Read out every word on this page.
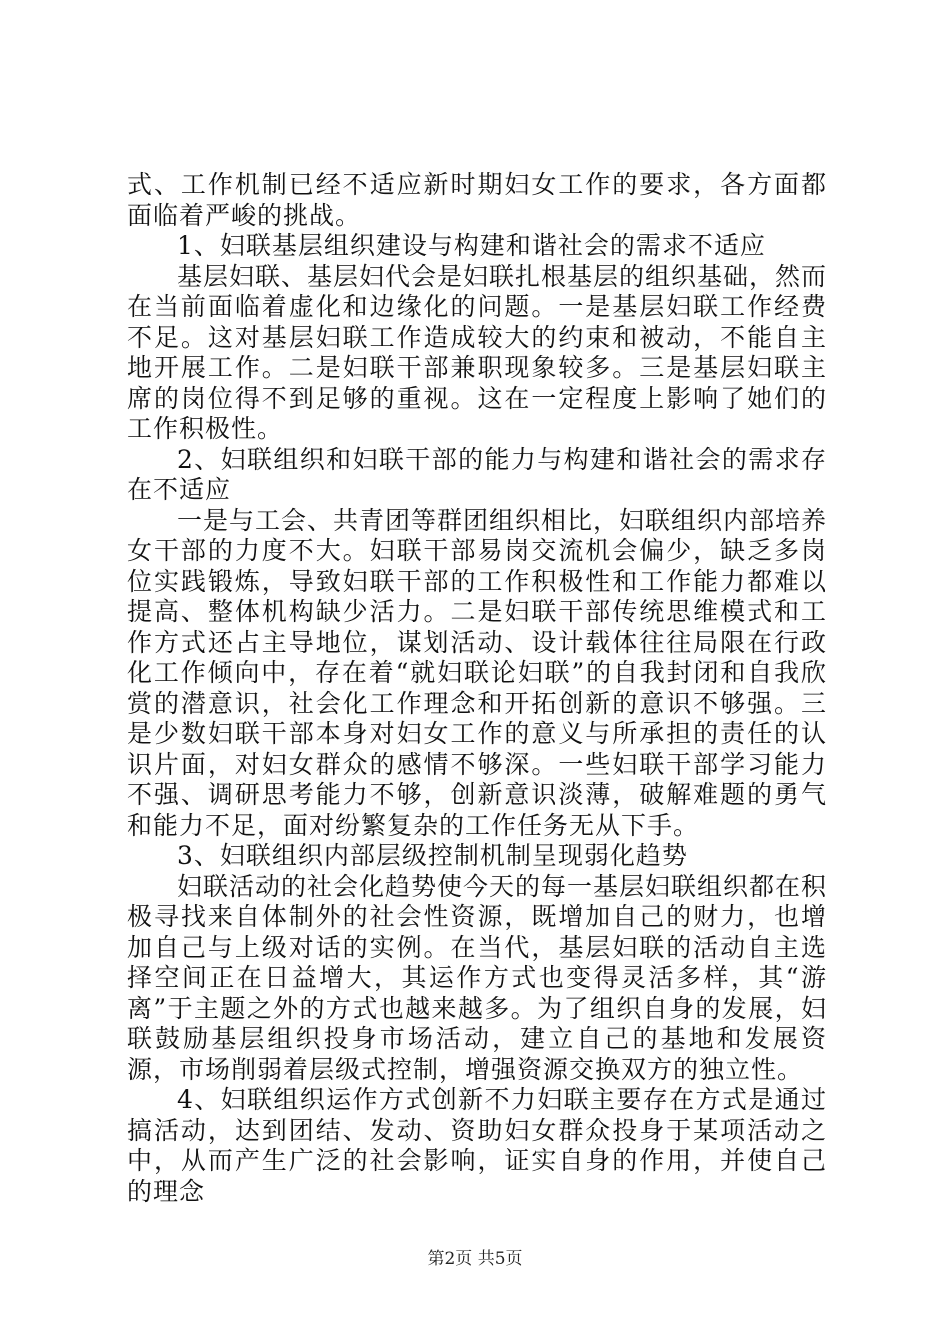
式、工作机制已经不适应新时期妇女工作的要求，各方面都面临着严峻的挑战。

1、妇联基层组织建设与构建和谐社会的需求不适应

基层妇联、基层妇代会是妇联扎根基层的组织基础，然而在当前面临着虚化和边缘化的问题。一是基层妇联工作经费不足。这对基层妇联工作造成较大的约束和被动，不能自主地开展工作。二是妇联干部兼职现象较多。三是基层妇联主席的岗位得不到足够的重视。这在一定程度上影响了她们的工作积极性。

2、妇联组织和妇联干部的能力与构建和谐社会的需求存在不适应

一是与工会、共青团等群团组织相比，妇联组织内部培养女干部的力度不大。妇联干部易岗交流机会偏少，缺乏多岗位实践锻炼，导致妇联干部的工作积极性和工作能力都难以提高、整体机构缺少活力。二是妇联干部传统思维模式和工作方式还占主导地位，谋划活动、设计载体往往局限在行政化工作倾向中，存在着“就妇联论妇联”的自我封闭和自我欣赏的潜意识，社会化工作理念和开拓创新的意识不够强。三是少数妇联干部本身对妇女工作的意义与所承担的责任的认识片面，对妇女群众的感情不够深。一些妇联干部学习能力不强、调研思考能力不够，创新意识淡薄，破解难题的勇气和能力不足，面对纷繁复杂的工作任务无从下手。

3、妇联组织内部层级控制机制呈现弱化趋势

妇联活动的社会化趋势使今天的每一基层妇联组织都在积极寻找来自体制外的社会性资源，既增加自己的财力，也增加自己与上级对话的实例。在当代，基层妇联的活动自主选择空间正在日益增大，其运作方式也变得灵活多样，其“游离”于主题之外的方式也越来越多。为了组织自身的发展，妇联鼓励基层组织投身市场活动，建立自己的基地和发展资源，市场削弱着层级式控制，增强资源交换双方的独立性。

4、妇联组织运作方式创新不力妇联主要存在方式是通过搞活动，达到团结、发动、资助妇女群众投身于某项活动之中，从而产生广泛的社会影响，证实自身的作用，并使自己的理念

第2页 共5页
